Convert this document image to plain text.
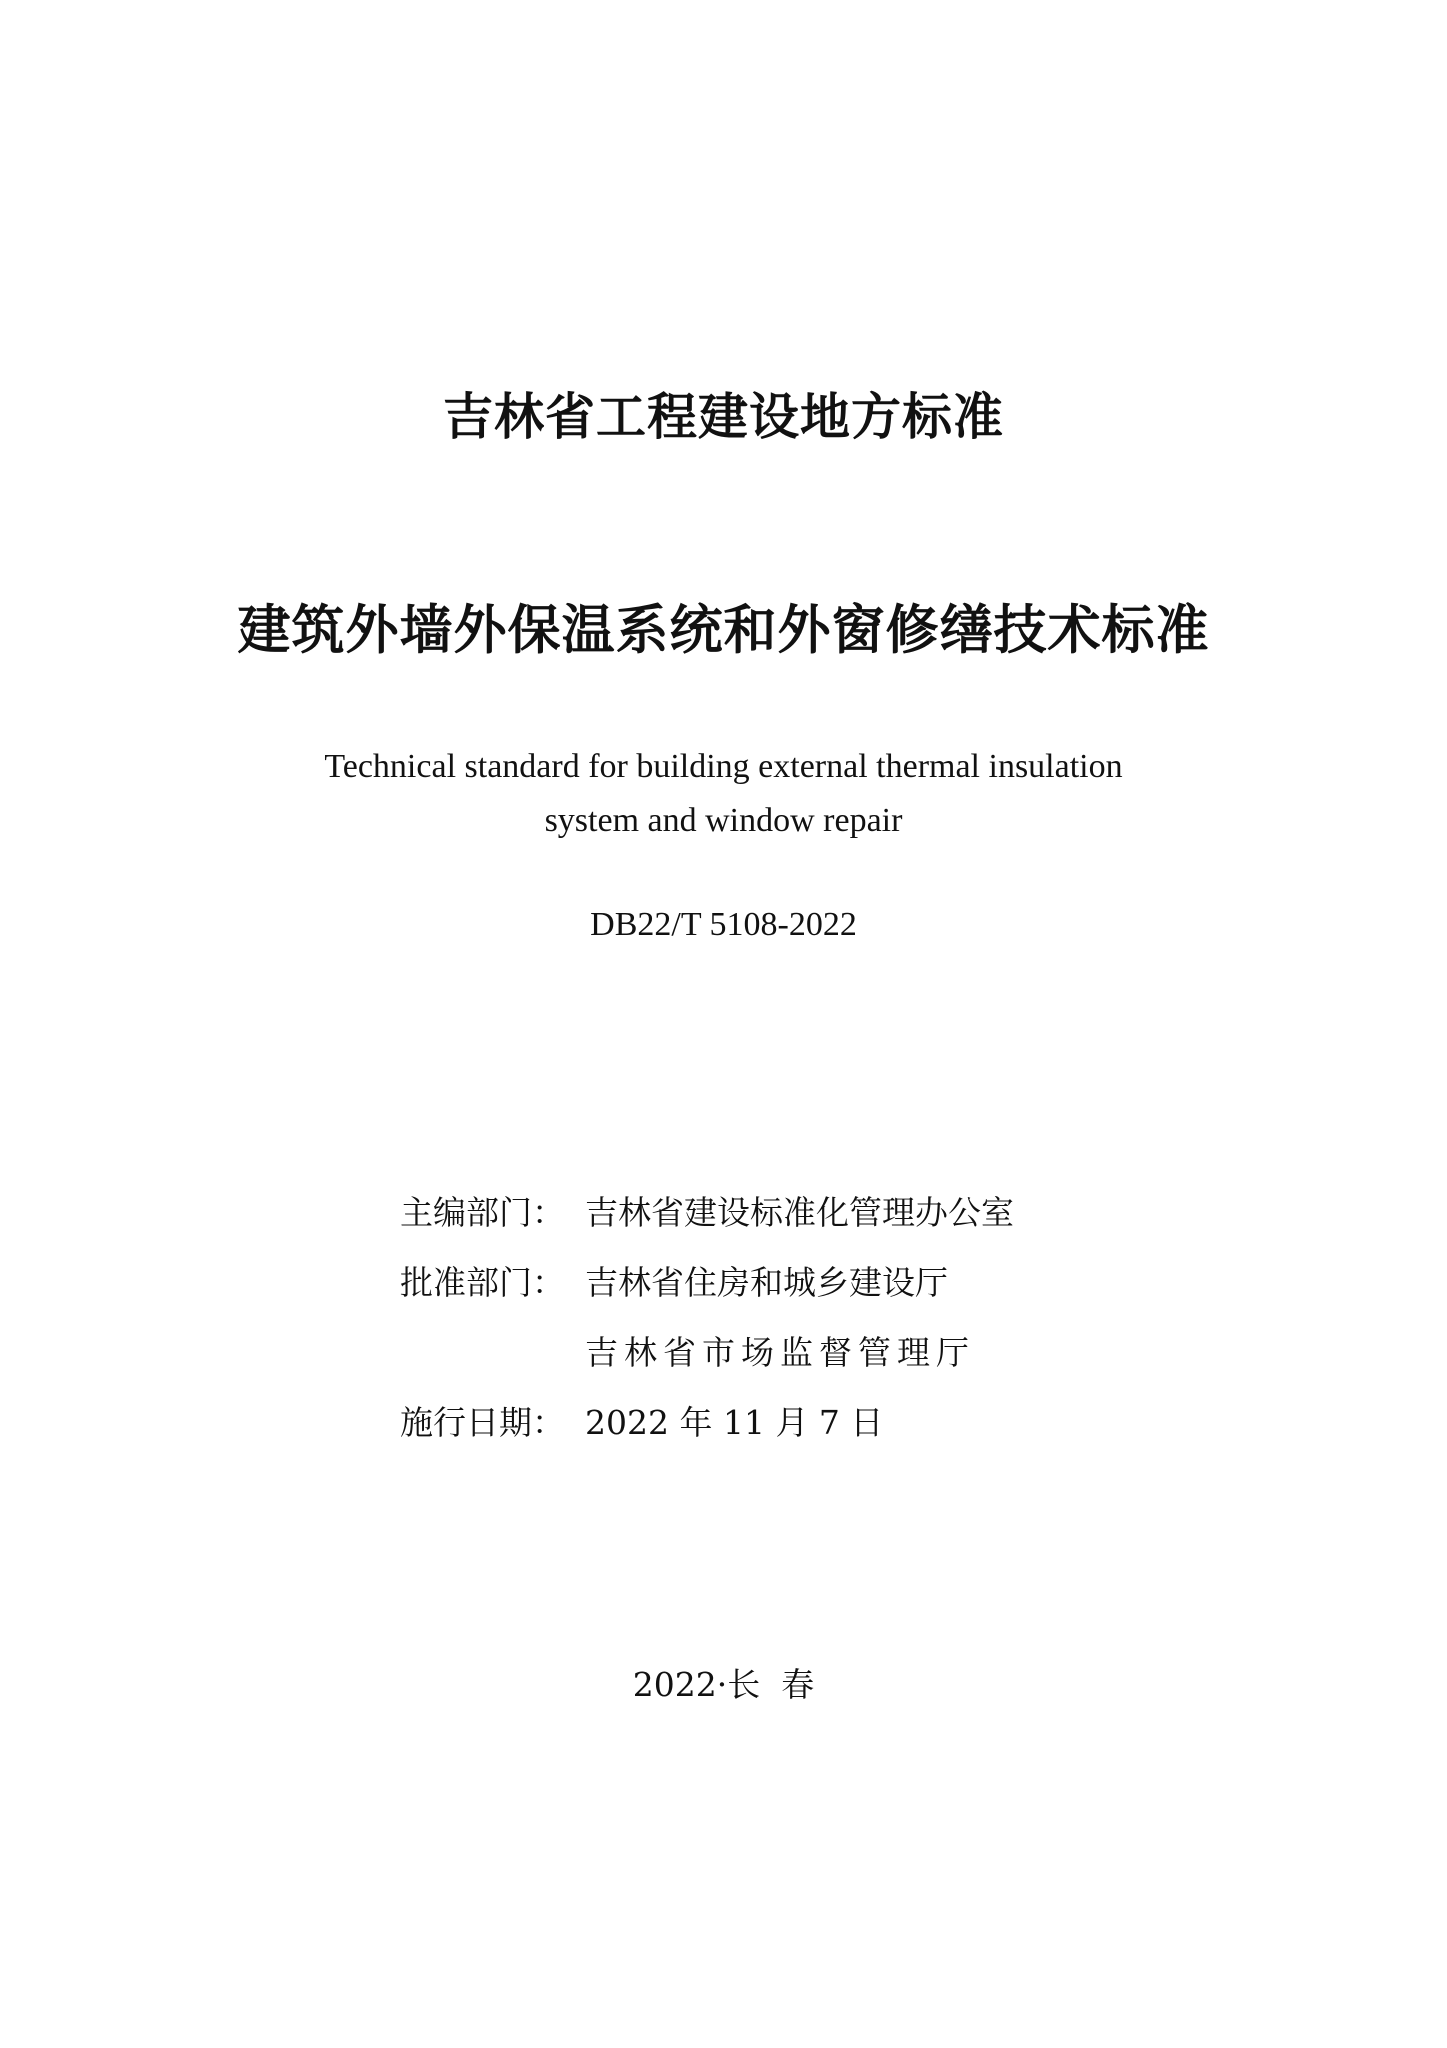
吉林省工程建设地方标准
建筑外墙外保温系统和外窗修缮技术标准
Technical standard for building external thermal insulation
system and window repair
DB22/T 5108-2022
主编部门： 吉林省建设标准化管理办公室
批准部门： 吉林省住房和城乡建设厅
吉林省市场监督管理厅
施行日期： 2022 年 11 月 7 日
2022·长  春
